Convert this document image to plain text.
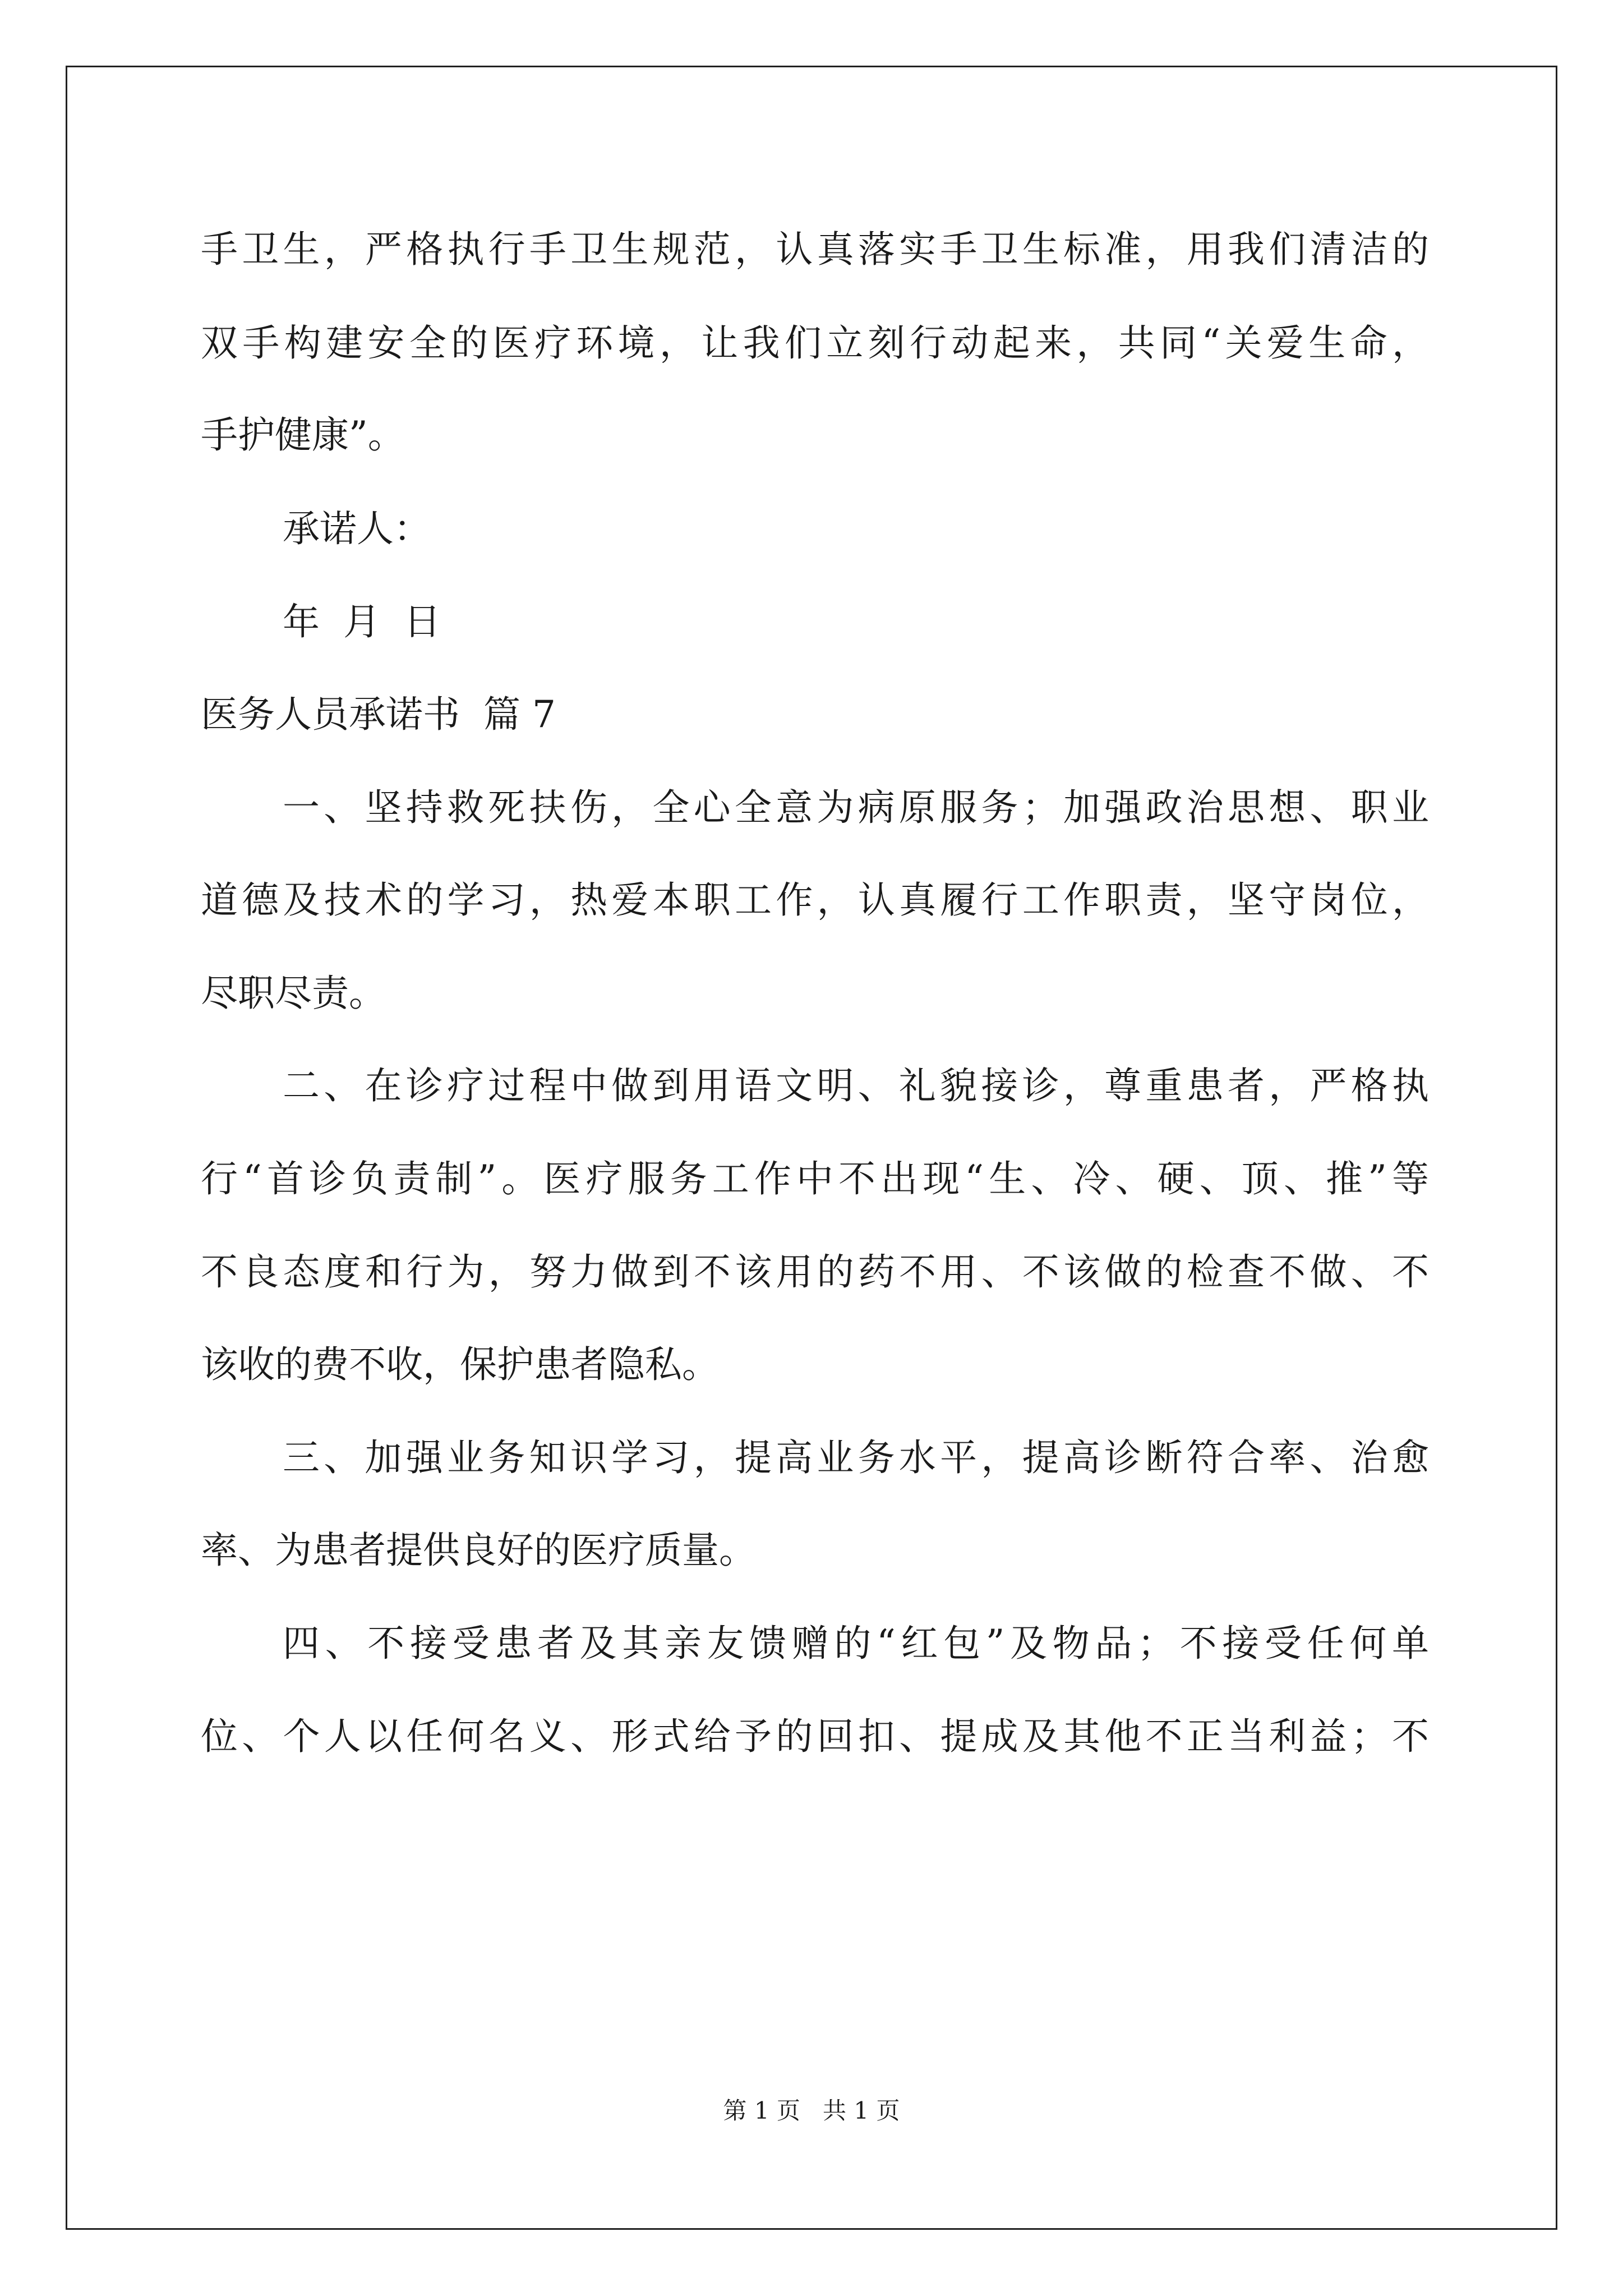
手卫生，严格执行手卫生规范，认真落实手卫生标准，用我们清洁的
双手构建安全的医疗环境，让我们立刻行动起来，共同“关爱生命，
手护健康”。
承诺人：
年  月  日
医务人员承诺书  篇 7
一、坚持救死扶伤，全心全意为病原服务；加强政治思想、职业
道德及技术的学习，热爱本职工作，认真履行工作职责，坚守岗位，
尽职尽责。
二、在诊疗过程中做到用语文明、礼貌接诊，尊重患者，严格执
行“首诊负责制”。医疗服务工作中不出现“生、冷、硬、顶、推”等
不良态度和行为，努力做到不该用的药不用、不该做的检查不做、不
该收的费不收，保护患者隐私。
三、加强业务知识学习，提高业务水平，提高诊断符合率、治愈
率、为患者提供良好的医疗质量。
四、不接受患者及其亲友馈赠的“红包”及物品；不接受任何单
位、个人以任何名义、形式给予的回扣、提成及其他不正当利益；不
第 1 页   共 1 页
